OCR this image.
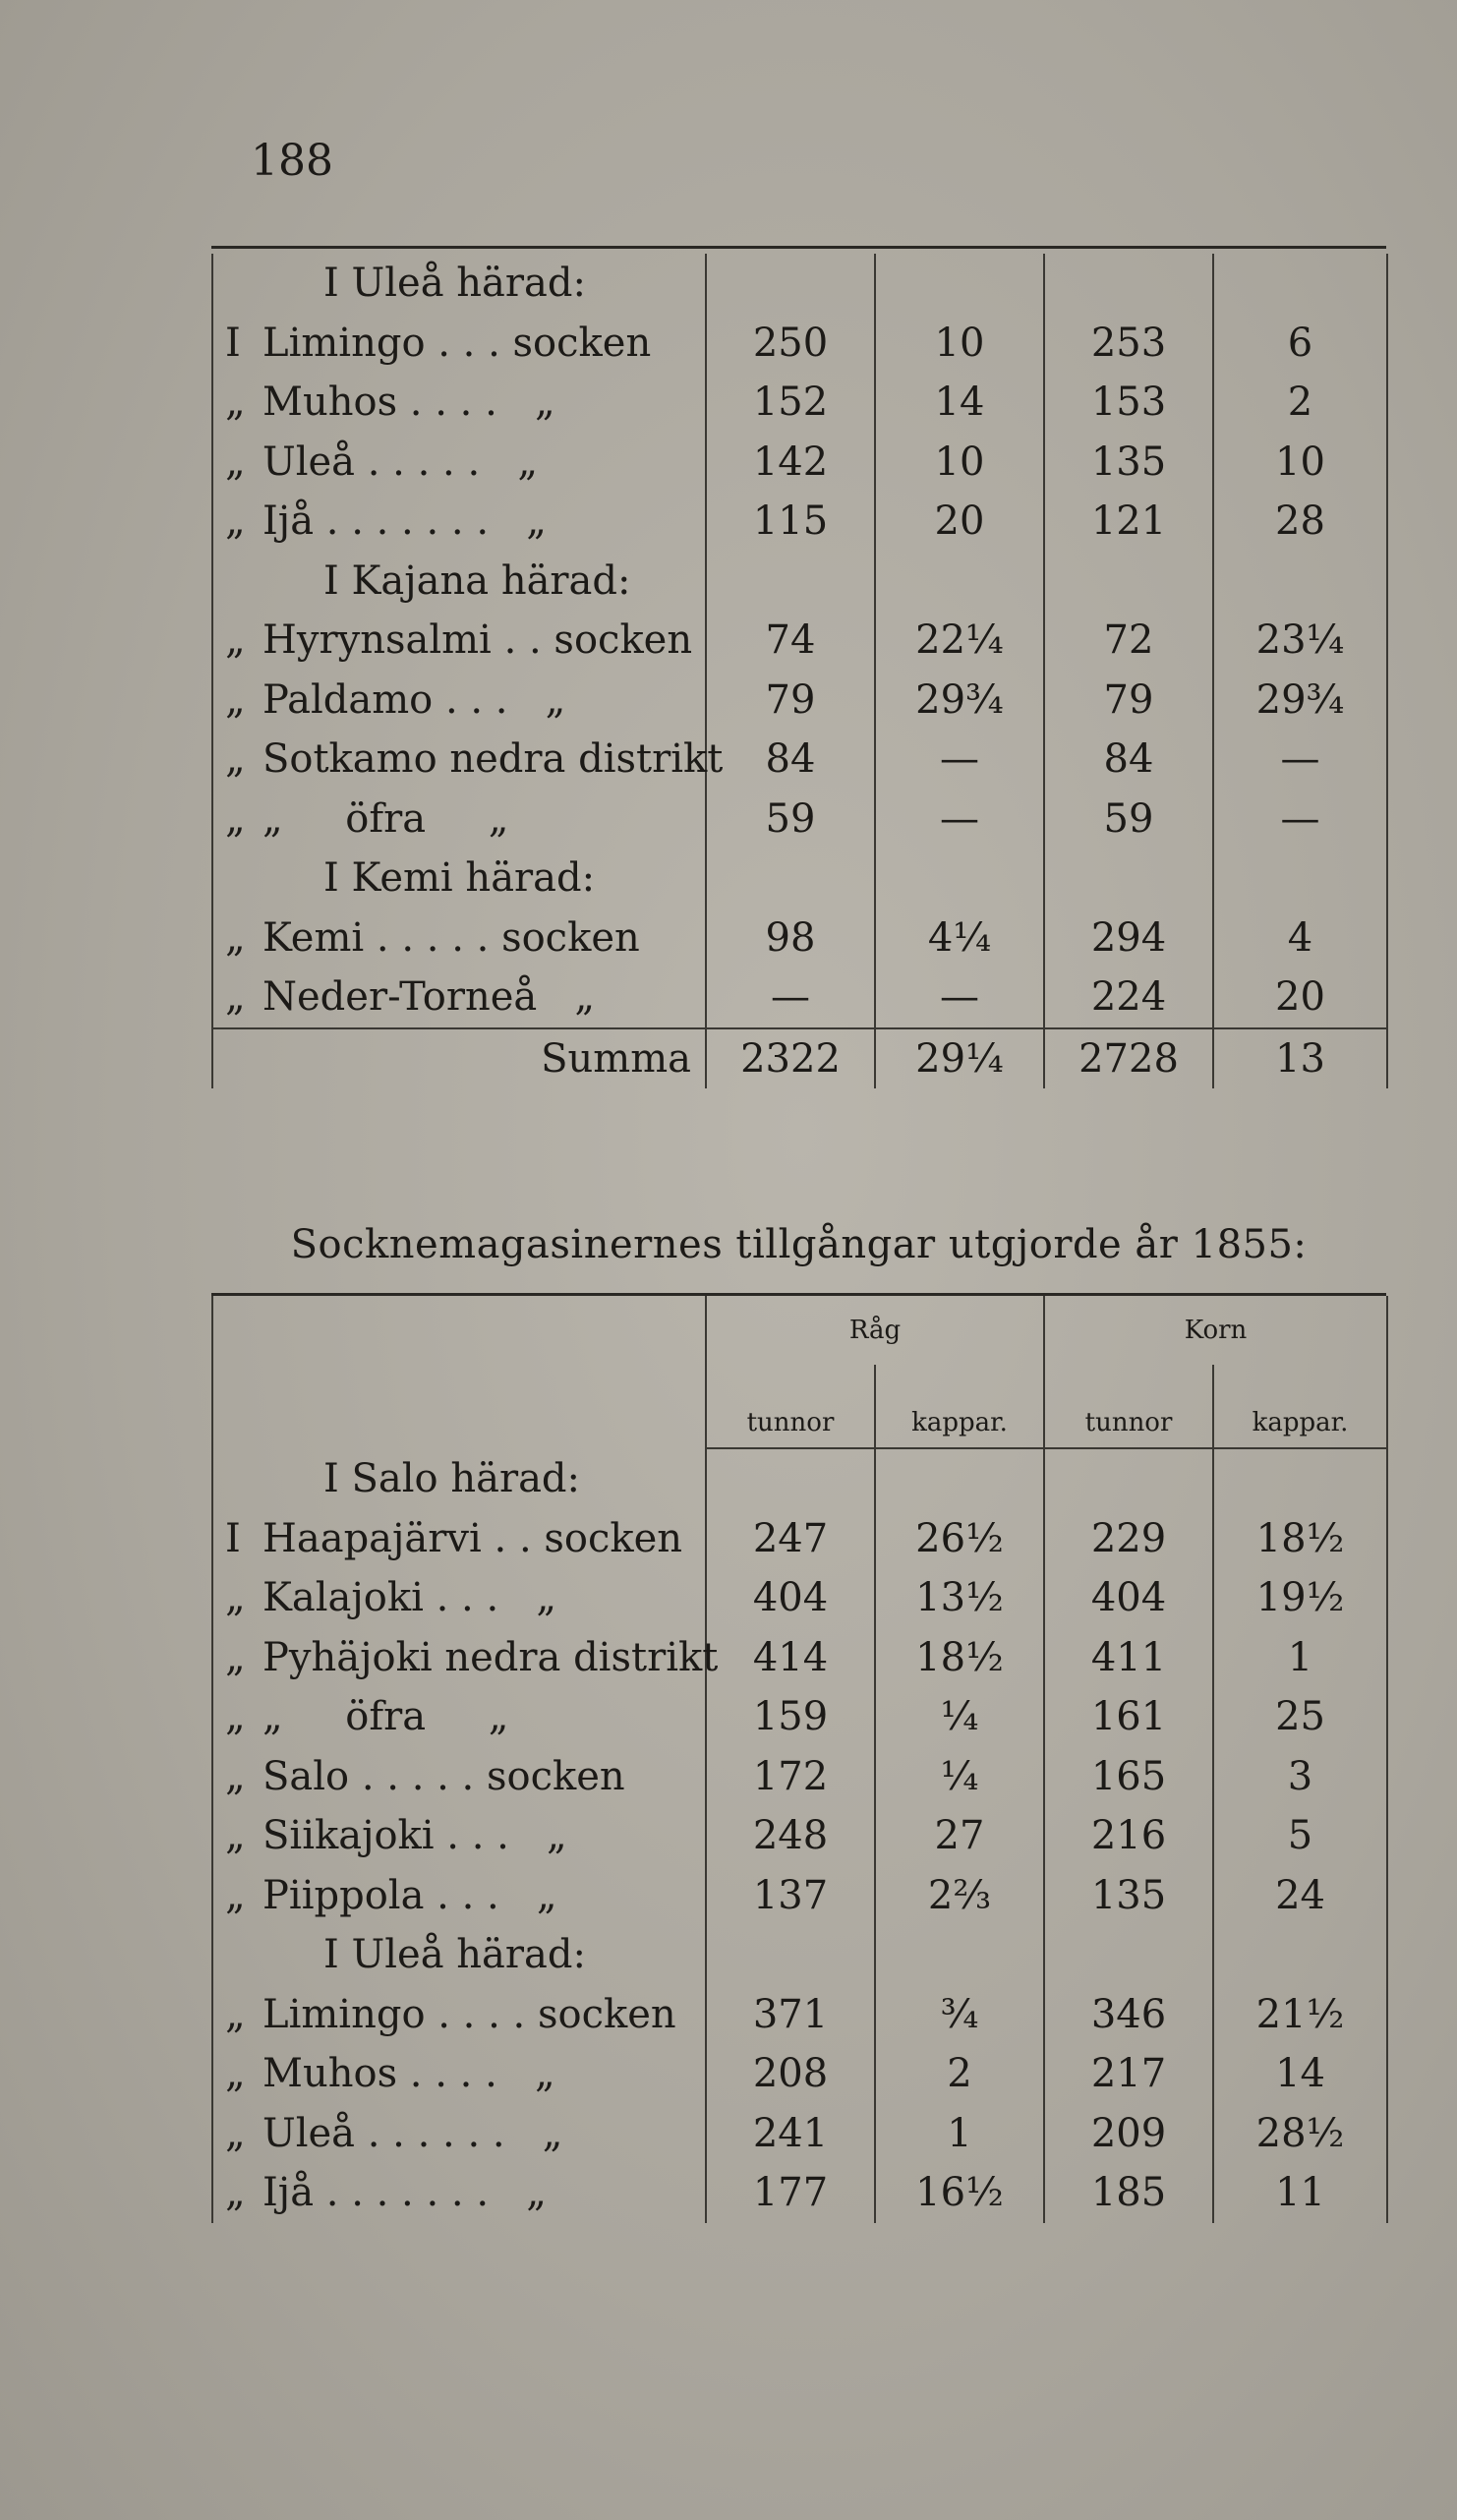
188
I Uleå härad:				
I Limingo . . . socken	250	10	253	6
„ Muhos . . . .   „	152	14	153	2
„ Uleå . . . . .   „	142	10	135	10
„ Ijå . . . . . . .   „	115	20	121	28
I Kajana härad:				
„ Hyrynsalmi . . socken	74	22¼	72	23¼
„ Paldamo . . .   „	79	29¾	79	29¾
„ Sotkamo nedra distrikt	84	—	84	—
„ „     öfra     „	59	—	59	—
I Kemi härad:				
„ Kemi . . . . . socken	98	4¼	294	4
„ Neder-Torneå   „	—	—	224	20
Summa	2322	29¼	2728	13
Socknemagasinernes tillgångar utgjorde år 1855:
	Råg		Korn	
	tunnor	kappar.	tunnor	kappar.
I Salo härad:				
I Haapajärvi . . socken	247	26½	229	18½
„ Kalajoki . . .   „	404	13½	404	19½
„ Pyhäjoki nedra distrikt	414	18½	411	1
„ „     öfra     „	159	¼	161	25
„ Salo . . . . . socken	172	¼	165	3
„ Siikajoki . . .   „	248	27	216	5
„ Piippola . . .   „	137	2⅔	135	24
I Uleå härad:				
„ Limingo . . . . socken	371	¾	346	21½
„ Muhos . . . .   „	208	2	217	14
„ Uleå . . . . . .   „	241	1	209	28½
„ Ijå . . . . . . .   „	177	16½	185	11
